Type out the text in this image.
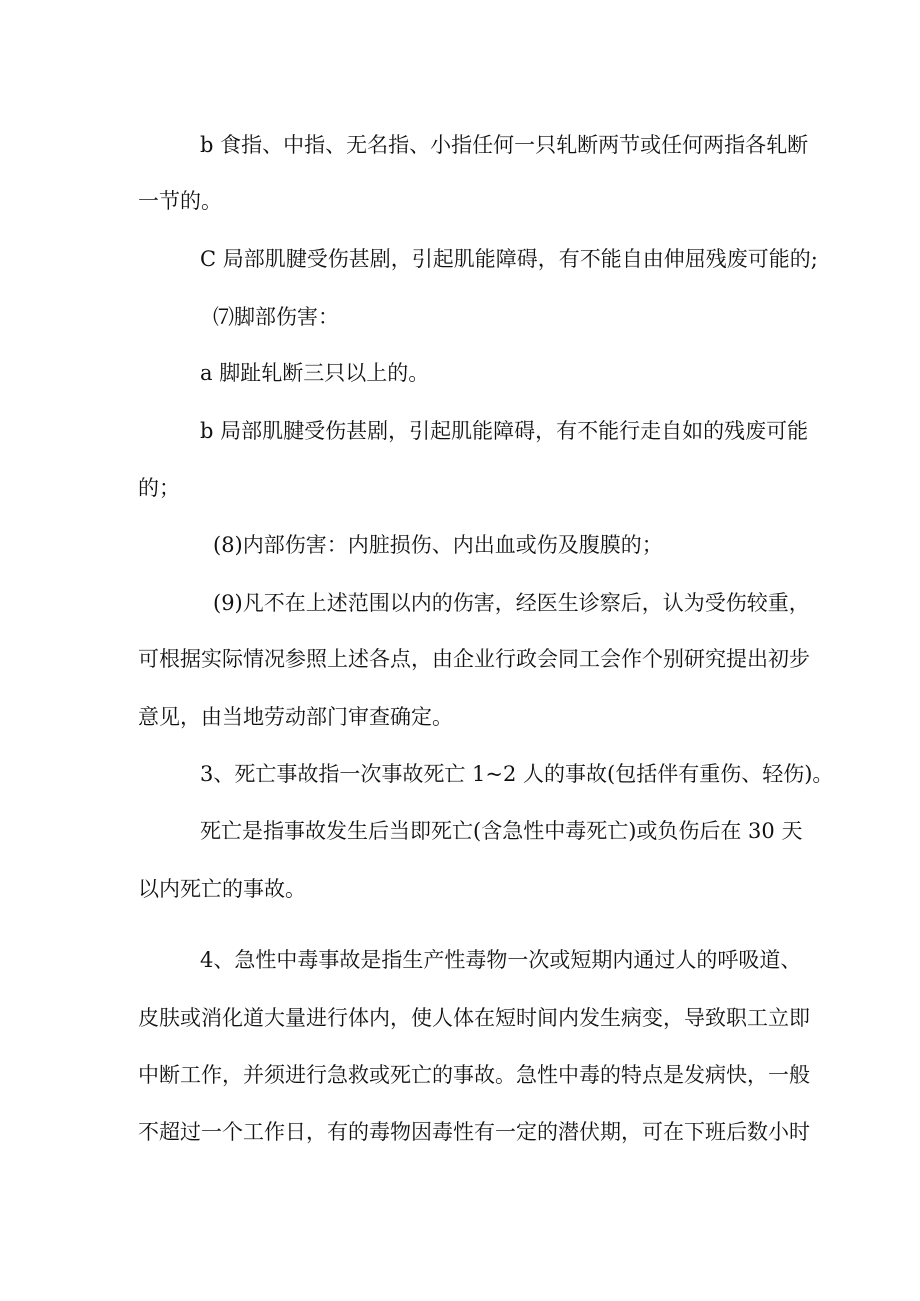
b 食指、中指、无名指、小指任何一只轧断两节或任何两指各轧断
一节的。
C 局部肌腱受伤甚剧，引起肌能障碍，有不能自由伸屈残废可能的;
⑺脚部伤害：
a 脚趾轧断三只以上的。
b 局部肌腱受伤甚剧，引起肌能障碍，有不能行走自如的残废可能
的；
(8)内部伤害：内脏损伤、内出血或伤及腹膜的；
(9)凡不在上述范围以内的伤害，经医生诊察后，认为受伤较重，
可根据实际情况参照上述各点，由企业行政会同工会作个别研究提出初步
意见，由当地劳动部门审查确定。
3、死亡事故指一次事故死亡 1~2 人的事故(包括伴有重伤、轻伤)。
死亡是指事故发生后当即死亡(含急性中毒死亡)或负伤后在 30 天
以内死亡的事故。
4、急性中毒事故是指生产性毒物一次或短期内通过人的呼吸道、
皮肤或消化道大量进行体内，使人体在短时间内发生病变，导致职工立即
中断工作，并须进行急救或死亡的事故。急性中毒的特点是发病快，一般
不超过一个工作日，有的毒物因毒性有一定的潜伏期，可在下班后数小时
